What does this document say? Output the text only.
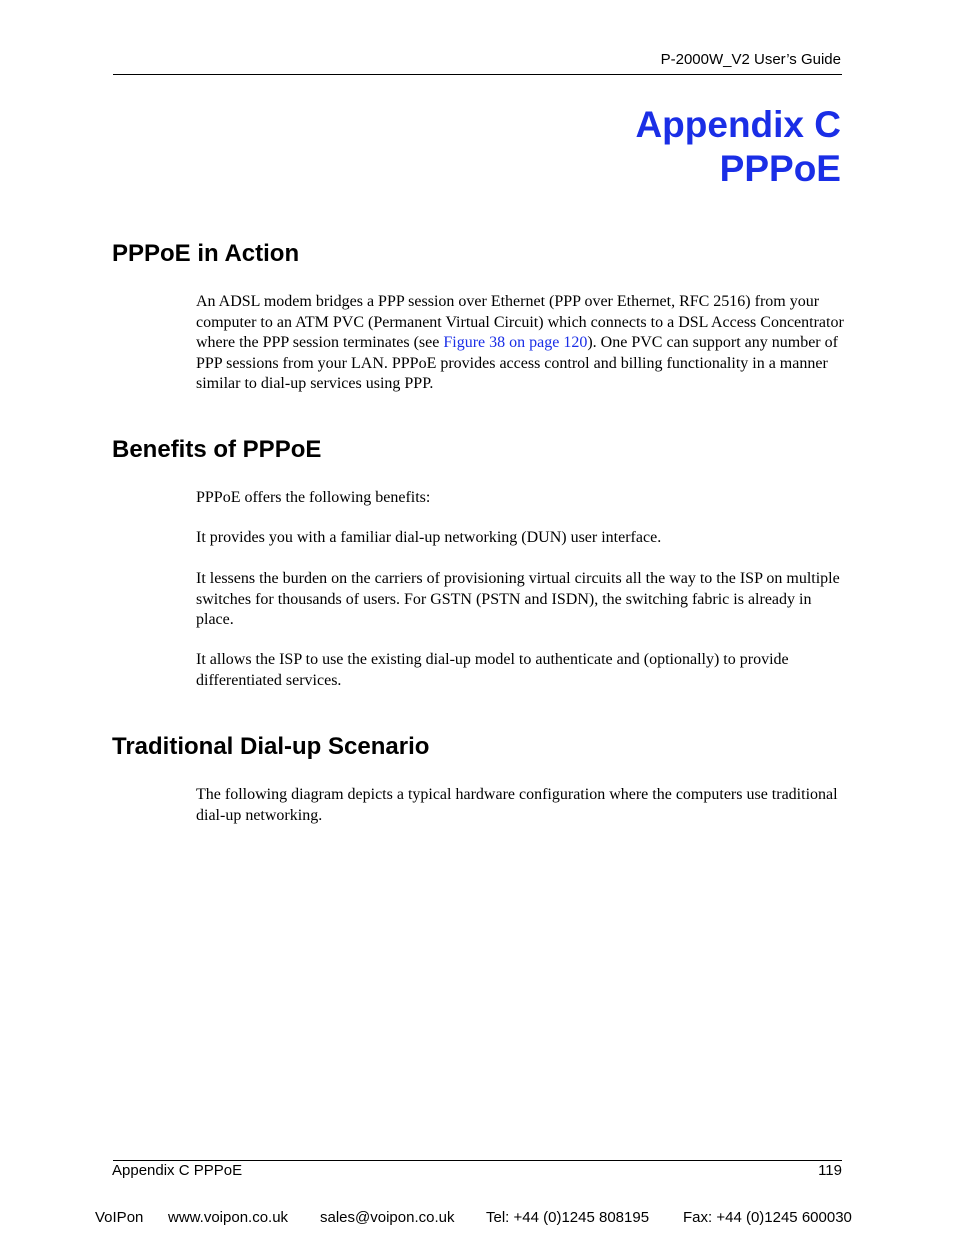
P-2000W_V2 User’s Guide
Appendix C
PPPoE
PPPoE in Action

An ADSL modem bridges a PPP session over Ethernet (PPP over Ethernet, RFC 2516) from your computer to an ATM PVC (Permanent Virtual Circuit) which connects to a DSL Access Concentrator where the PPP session terminates (see Figure 38 on page 120). One PVC can support any number of PPP sessions from your LAN. PPPoE provides access control and billing functionality in a manner similar to dial-up services using PPP.

Benefits of PPPoE

PPPoE offers the following benefits:

It provides you with a familiar dial-up networking (DUN) user interface.

It lessens the burden on the carriers of provisioning virtual circuits all the way to the ISP on multiple switches for thousands of users. For GSTN (PSTN and ISDN), the switching fabric is already in place.

It allows the ISP to use the existing dial-up model to authenticate and (optionally) to provide differentiated services.

Traditional Dial-up Scenario

The following diagram depicts a typical hardware configuration where the computers use traditional dial-up networking.

Appendix C PPPoE	119
VoIPon	www.voipon.co.uk	sales@voipon.co.uk	Tel: +44 (0)1245 808195	Fax: +44 (0)1245 600030
